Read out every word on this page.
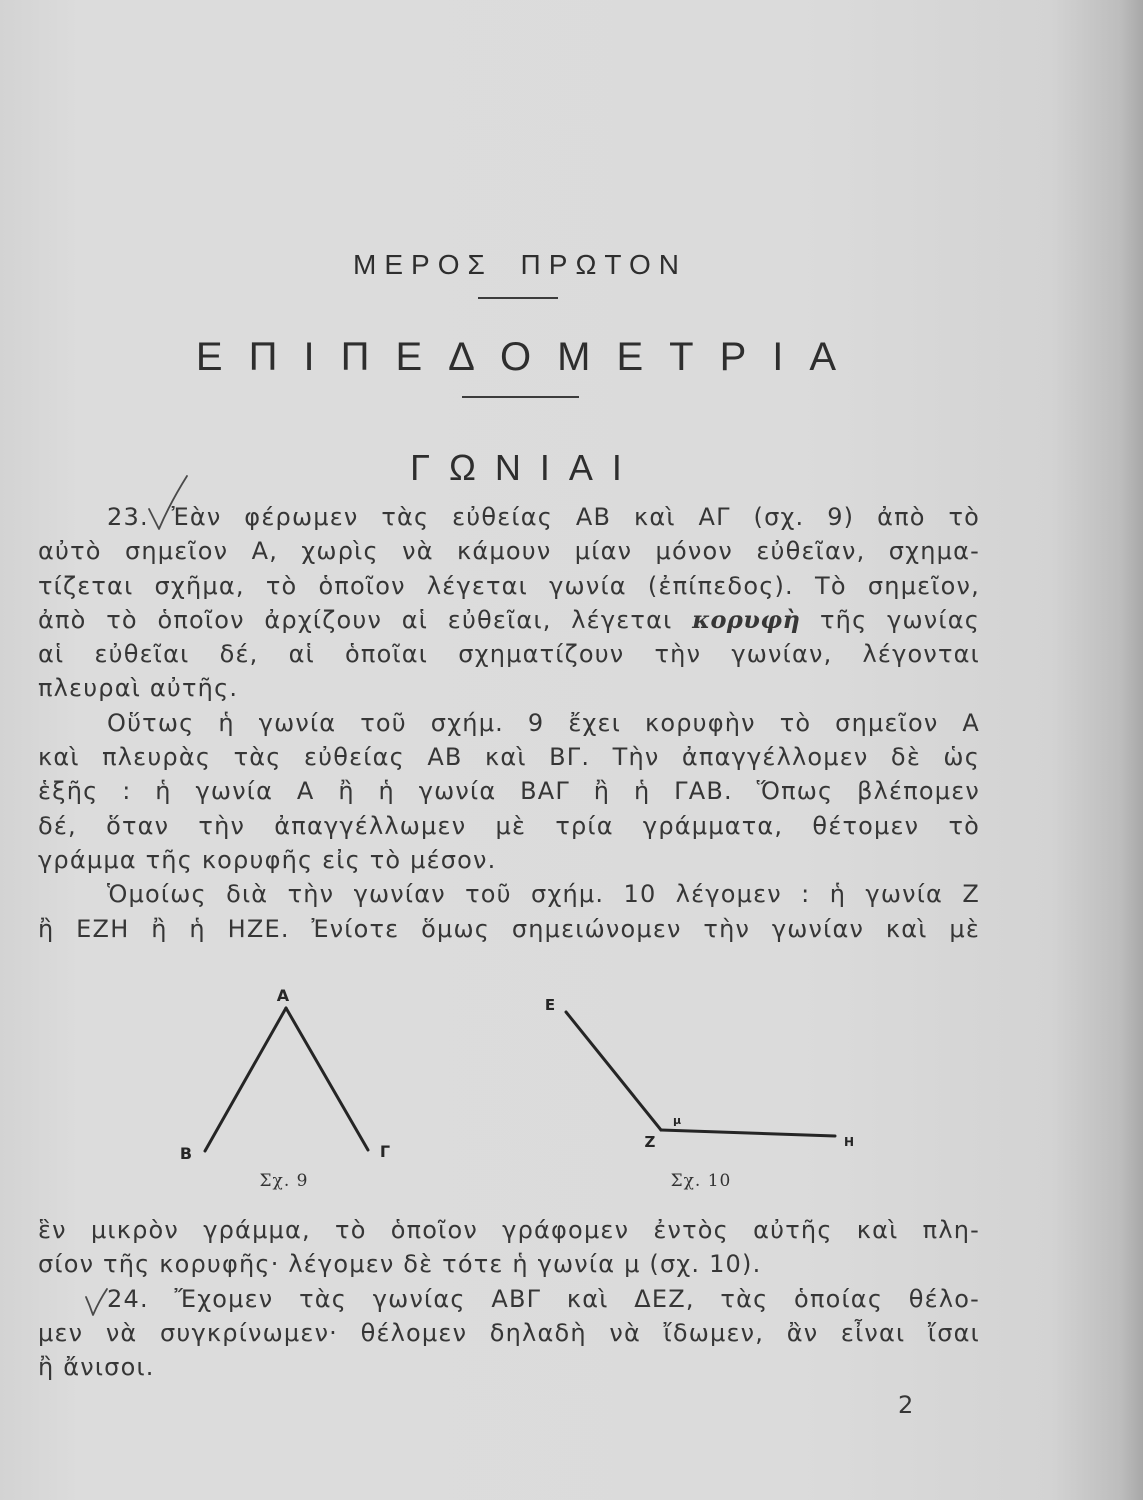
ΜΕΡΟΣ ΠΡΩΤΟΝ
ΕΠΙΠΕΔΟΜΕΤΡΙΑ
ΓΩΝΙΑΙ
23. Ἐὰν φέρωμεν τὰς εὐθείας ΑΒ καὶ ΑΓ (σχ. 9) ἀπὸ τὸ
αὐτὸ σημεῖον Α, χωρὶς νὰ κάμουν μίαν μόνον εὐθεῖαν, σχημα-
τίζεται σχῆμα, τὸ ὁποῖον λέγεται γωνία (ἐπίπεδος). Τὸ σημεῖον,
ἀπὸ τὸ ὁποῖον ἀρχίζουν αἱ εὐθεῖαι, λέγεται κορυφὴ τῆς γωνίας
αἱ εὐθεῖαι δέ, αἱ ὁποῖαι σχηματίζουν τὴν γωνίαν, λέγονται
πλευραὶ αὐτῆς.
Οὕτως ἡ γωνία τοῦ σχήμ. 9 ἔχει κορυφὴν τὸ σημεῖον Α
καὶ πλευρὰς τὰς εὐθείας ΑΒ καὶ ΒΓ. Τὴν ἀπαγγέλλομεν δὲ ὡς
ἑξῆς : ἡ γωνία Α ἢ ἡ γωνία ΒΑΓ ἢ ἡ ΓΑΒ. Ὅπως βλέπομεν
δέ, ὅταν τὴν ἀπαγγέλλωμεν μὲ τρία γράμματα, θέτομεν τὸ
γράμμα τῆς κορυφῆς εἰς τὸ μέσον.
Ὁμοίως διὰ τὴν γωνίαν τοῦ σχήμ. 10 λέγομεν : ἡ γωνία Ζ
ἢ ΕΖΗ ἢ ἡ ΗΖΕ. Ἐνίοτε ὅμως σημειώνομεν τὴν γωνίαν καὶ μὲ
ἓν μικρὸν γράμμα, τὸ ὁποῖον γράφομεν ἐντὸς αὐτῆς καὶ πλη-
σίον τῆς κορυφῆς· λέγομεν δὲ τότε ἡ γωνία μ (σχ. 10).
24. Ἔχομεν τὰς γωνίας ΑΒΓ καὶ ΔΕΖ, τὰς ὁποίας θέλο-
μεν νὰ συγκρίνωμεν· θέλομεν δηλαδὴ νὰ ἴδωμεν, ἂν εἶναι ἴσαι
ἢ ἄνισοι.
2
Α
Β	Γ
Σχ. 9
Ε
Ζ	Η
μ
Σχ. 10
